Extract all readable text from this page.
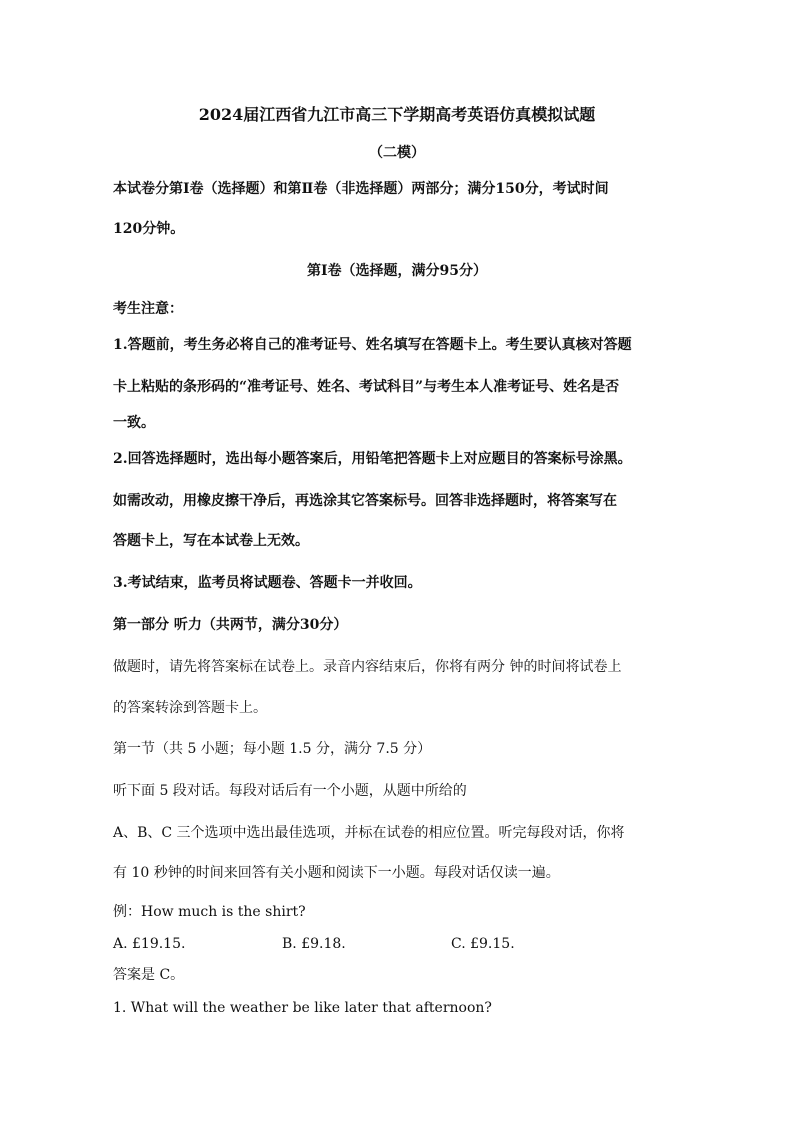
2024届江西省九江市高三下学期高考英语仿真模拟试题
（二模）
本试卷分第Ⅰ卷（选择题）和第Ⅱ卷（非选择题）两部分；满分150分，考试时间
120分钟。
第Ⅰ卷（选择题，满分95分）
考生注意：
1.答题前，考生务必将自己的准考证号、姓名填写在答题卡上。考生要认真核对答题
卡上粘贴的条形码的“准考证号、姓名、考试科目”与考生本人准考证号、姓名是否
一致。
2.回答选择题时，选出每小题答案后，用铅笔把答题卡上对应题目的答案标号涂黑。
如需改动，用橡皮擦干净后，再选涂其它答案标号。回答非选择题时，将答案写在
答题卡上，写在本试卷上无效。
3.考试结束，监考员将试题卷、答题卡一并收回。
第一部分 听力（共两节，满分30分）
做题时，请先将答案标在试卷上。录音内容结束后，你将有两分 钟的时间将试卷上
的答案转涂到答题卡上。
第一节（共 5 小题；每小题 1.5 分，满分 7.5 分）
听下面 5 段对话。每段对话后有一个小题，从题中所给的
A、B、C 三个选项中选出最佳选项，并标在试卷的相应位置。听完每段对话，你将
有 10 秒钟的时间来回答有关小题和阅读下一小题。每段对话仅读一遍。
例：How much is the shirt?
A. £19.15.	B. £9.18.	C. £9.15.
答案是 C。
1. What will the weather be like later that afternoon?
